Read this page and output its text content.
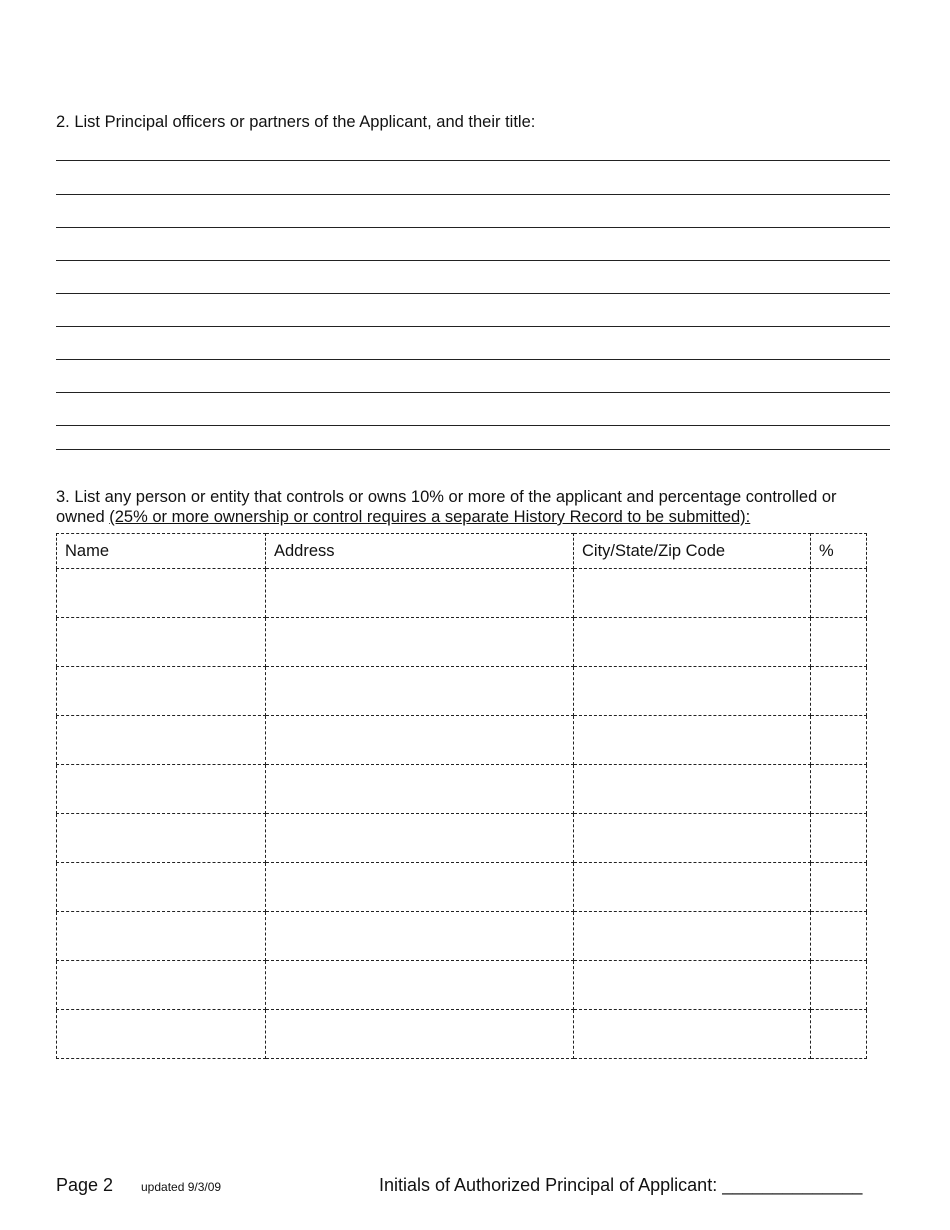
2. List Principal officers or partners of the Applicant, and their title:
3. List any person or entity that controls or owns 10% or more of the applicant and percentage controlled or owned (25% or more ownership or control requires a separate History Record to be submitted):
Name	Address	City/State/Zip Code	%

Page 2 updated 9/3/09	Initials of Authorized Principal of Applicant: ______________
